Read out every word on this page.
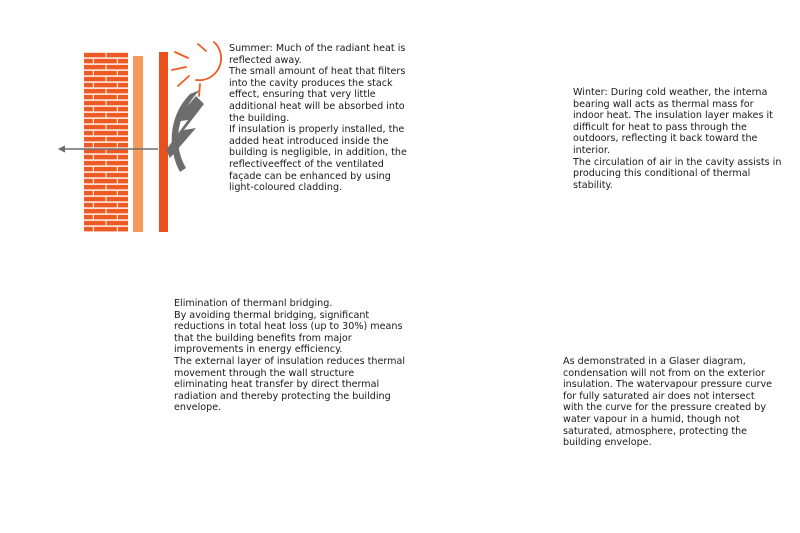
Summer: Much of the radiant heat is reflected away.

The small amount of heat that filters into the cavity produces the stack effect, ensuring that very little additional heat will be absorbed into the building.

If insulation is properly installed, the added heat introduced inside the building is negligible, in addition, the reflectiveeffect of the ventilated façade can be enhanced by using light-coloured cladding.

Winter: During cold weather, the interna bearing wall acts as thermal mass for indoor heat. The insulation layer makes it difficult for heat to pass through the outdoors, reflecting it back toward the interior.

The circulation of air in the cavity assists in producing this conditional of thermal stability.

Elimination of thermanl bridging.

By avoiding thermal bridging, significant reductions in total heat loss (up to 30%) means that the building benefits from major improvements in energy efficiency.

The external layer of insulation reduces thermal movement through the wall structure eliminating heat transfer by direct thermal radiation and thereby protecting the building envelope.

As demonstrated in a Glaser diagram, condensation will not from on the exterior insulation. The watervapour pressure curve for fully saturated air does not intersect with the curve for the pressure created by water vapour in a humid, though not saturated, atmosphere, protecting the building envelope.
